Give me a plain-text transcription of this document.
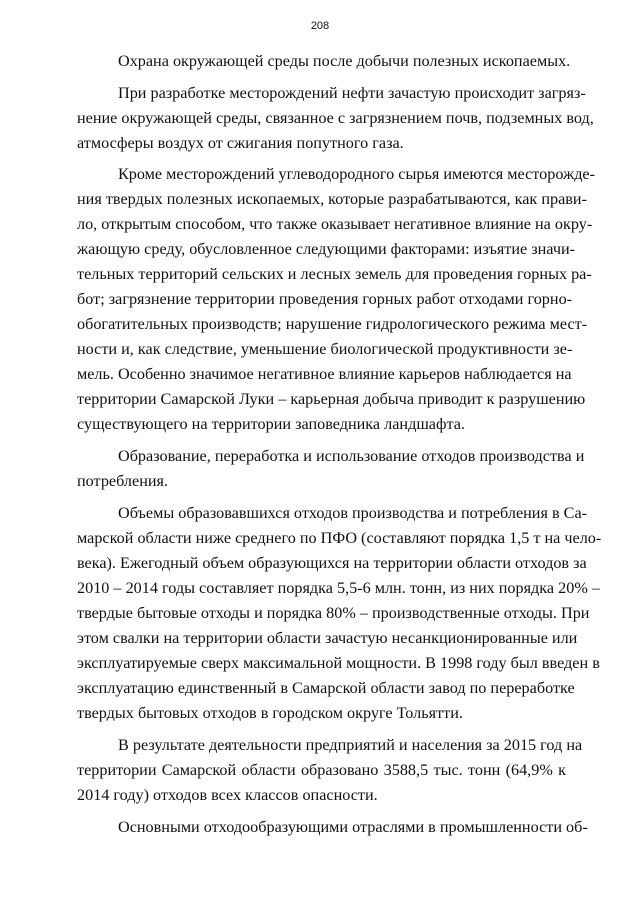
208
Охрана окружающей среды после добычи полезных ископаемых.
При разработке месторождений нефти зачастую происходит загряз-
нение окружающей среды, связанное с загрязнением почв, подземных вод,
атмосферы воздух от сжигания попутного газа.
Кроме месторождений углеводородного сырья имеются месторожде-
ния твердых полезных ископаемых, которые разрабатываются, как прави-
ло, открытым способом, что также оказывает негативное влияние на окру-
жающую среду, обусловленное следующими факторами: изъятие значи-
тельных территорий сельских и лесных земель для проведения горных ра-
бот; загрязнение территории проведения горных работ отходами горно-
обогатительных производств; нарушение гидрологического режима мест-
ности и, как следствие, уменьшение биологической продуктивности зе-
мель. Особенно значимое негативное влияние карьеров наблюдается на
территории Самарской Луки – карьерная добыча приводит к разрушению
существующего на территории заповедника ландшафта.
Образование, переработка и использование отходов производства и
потребления.
Объемы образовавшихся отходов производства и потребления в Са-
марской области ниже среднего по ПФО (составляют порядка 1,5 т на чело-
века). Ежегодный объем образующихся на территории области отходов за
2010 – 2014 годы составляет порядка 5,5-6 млн. тонн, из них порядка 20% –
твердые бытовые отходы и порядка 80% – производственные отходы. При
этом свалки на территории области зачастую несанкционированные или
эксплуатируемые сверх максимальной мощности. В 1998 году был введен в
эксплуатацию единственный в Самарской области завод по переработке
твердых бытовых отходов в городском округе Тольятти.
В результате деятельности предприятий и населения за 2015 год на
территории Самарской области образовано 3588,5 тыс. тонн (64,9% к
2014 году) отходов всех классов опасности.
Основными отходообразующими отраслями в промышленности об-
